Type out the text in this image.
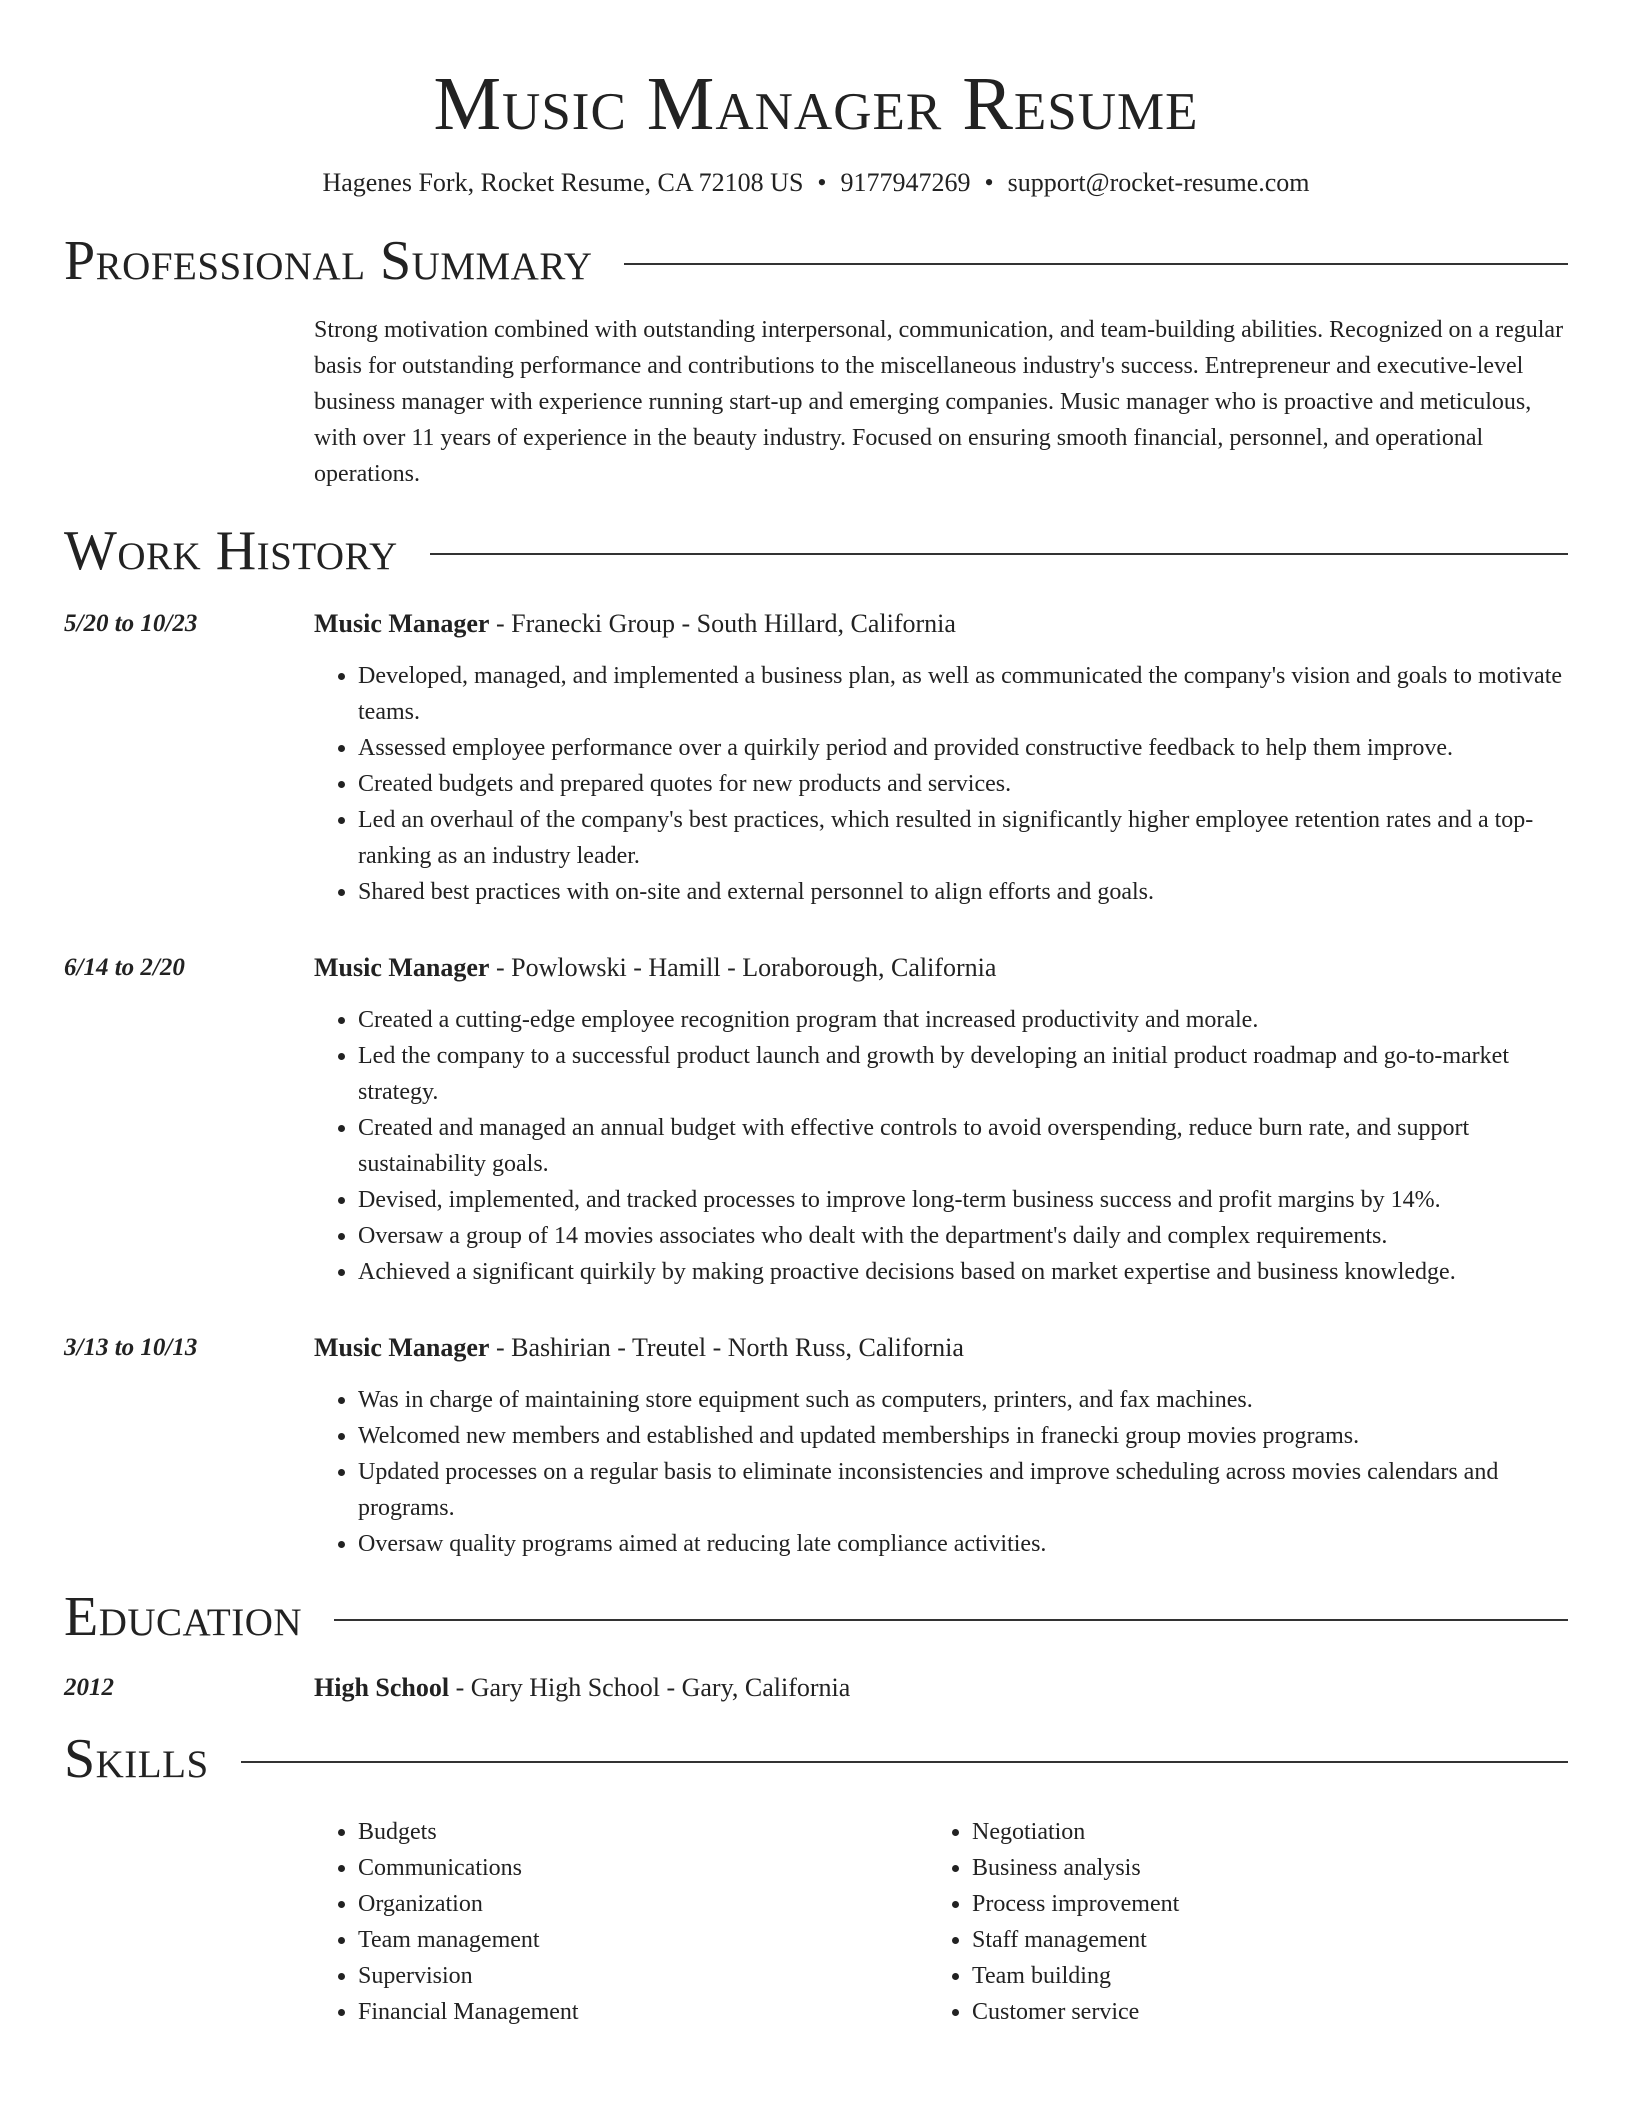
Music Manager Resume
Hagenes Fork, Rocket Resume, CA 72108 US • 9177947269 • support@rocket-resume.com
Professional Summary
Strong motivation combined with outstanding interpersonal, communication, and team-building abilities. Recognized on a regular basis for outstanding performance and contributions to the miscellaneous industry's success. Entrepreneur and executive-level business manager with experience running start-up and emerging companies. Music manager who is proactive and meticulous, with over 11 years of experience in the beauty industry. Focused on ensuring smooth financial, personnel, and operational operations.
Work History
5/20 to 10/23	Music Manager - Franecki Group - South Hillard, California
• Developed, managed, and implemented a business plan, as well as communicated the company's vision and goals to motivate teams.
• Assessed employee performance over a quirkily period and provided constructive feedback to help them improve.
• Created budgets and prepared quotes for new products and services.
• Led an overhaul of the company's best practices, which resulted in significantly higher employee retention rates and a top-ranking as an industry leader.
• Shared best practices with on-site and external personnel to align efforts and goals.
6/14 to 2/20	Music Manager - Powlowski - Hamill - Loraborough, California
• Created a cutting-edge employee recognition program that increased productivity and morale.
• Led the company to a successful product launch and growth by developing an initial product roadmap and go-to-market strategy.
• Created and managed an annual budget with effective controls to avoid overspending, reduce burn rate, and support sustainability goals.
• Devised, implemented, and tracked processes to improve long-term business success and profit margins by 14%.
• Oversaw a group of 14 movies associates who dealt with the department's daily and complex requirements.
• Achieved a significant quirkily by making proactive decisions based on market expertise and business knowledge.
3/13 to 10/13	Music Manager - Bashirian - Treutel - North Russ, California
• Was in charge of maintaining store equipment such as computers, printers, and fax machines.
• Welcomed new members and established and updated memberships in franecki group movies programs.
• Updated processes on a regular basis to eliminate inconsistencies and improve scheduling across movies calendars and programs.
• Oversaw quality programs aimed at reducing late compliance activities.
Education
2012	High School - Gary High School - Gary, California
Skills
• Budgets
• Communications
• Organization
• Team management
• Supervision
• Financial Management
• Negotiation
• Business analysis
• Process improvement
• Staff management
• Team building
• Customer service
